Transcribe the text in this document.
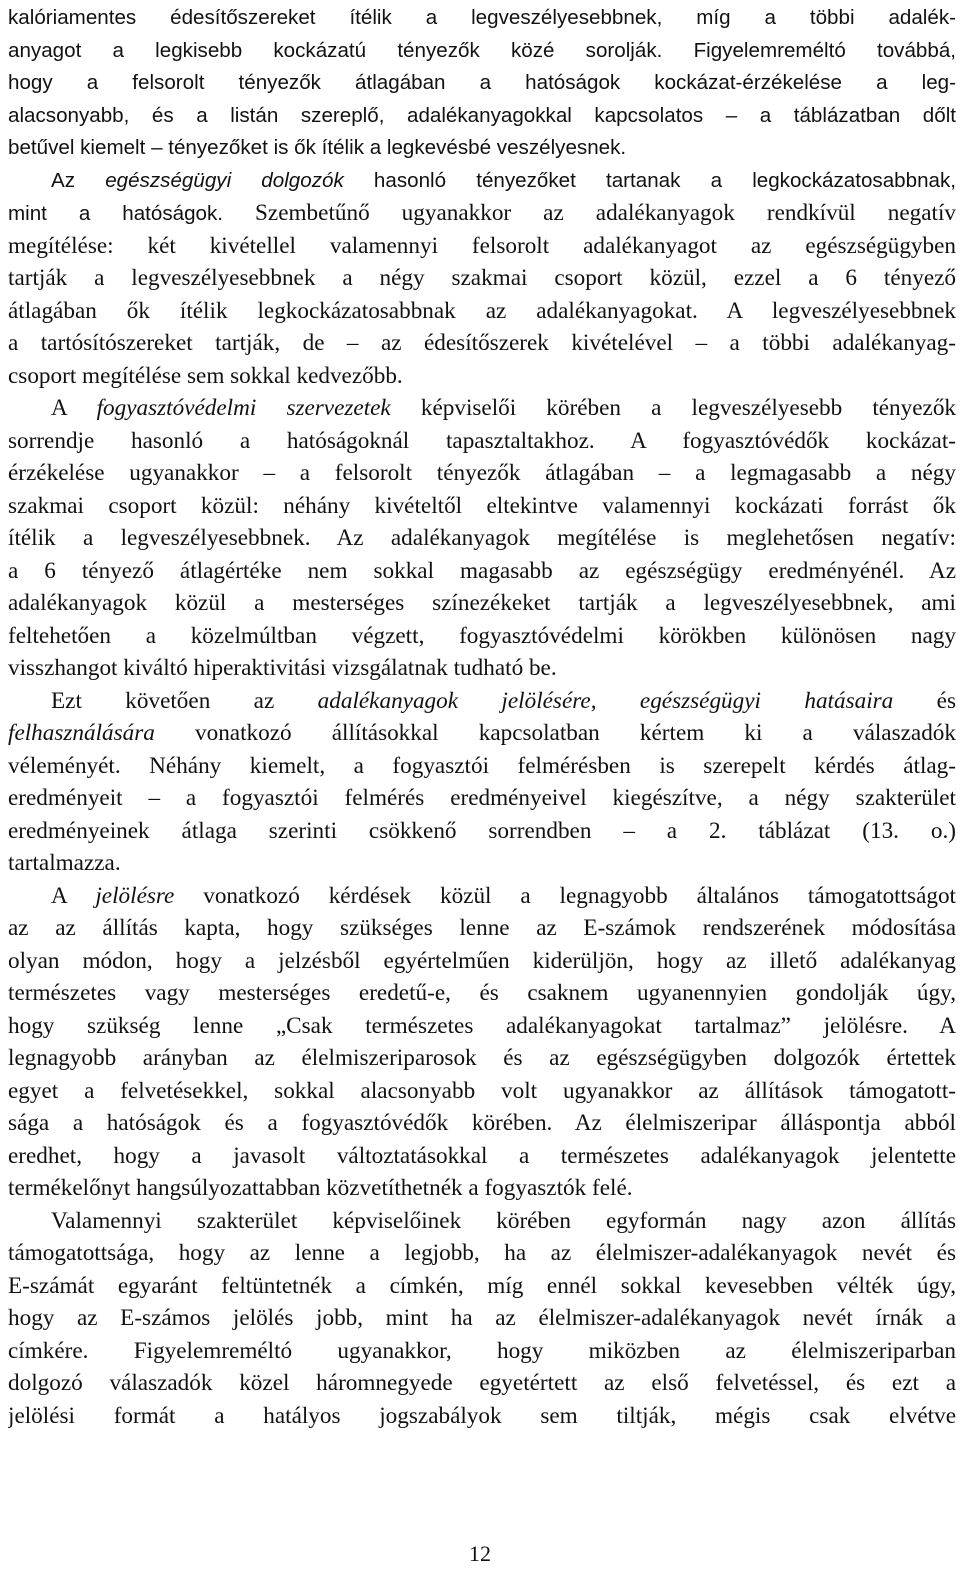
kalóriamentes édesítőszereket ítélik a legveszélyesebbnek, míg a többi adalék-
anyagot a legkisebb kockázatú tényezők közé sorolják. Figyelemreméltó továbbá,
hogy a felsorolt tényezők átlagában a hatóságok kockázat-érzékelése a leg-
alacsonyabb, és a listán szereplő, adalékanyagokkal kapcsolatos – a táblázatban dőlt
betűvel kiemelt – tényezőket is ők ítélik a legkevésbé veszélyesnek.
Az egészségügyi dolgozók hasonló tényezőket tartanak a legkockázatosabbnak,
mint a hatóságok. Szembetűnő ugyanakkor az adalékanyagok rendkívül negatív
megítélése: két kivétellel valamennyi felsorolt adalékanyagot az egészségügyben
tartják a legveszélyesebbnek a négy szakmai csoport közül, ezzel a 6 tényező
átlagában ők ítélik legkockázatosabbnak az adalékanyagokat. A legveszélyesebbnek
a tartósítószereket tartják, de – az édesítőszerek kivételével – a többi adalékanyag-
csoport megítélése sem sokkal kedvezőbb.
A fogyasztóvédelmi szervezetek képviselői körében a legveszélyesebb tényezők
sorrendje hasonló a hatóságoknál tapasztaltakhoz. A fogyasztóvédők kockázat-
érzékelése ugyanakkor – a felsorolt tényezők átlagában – a legmagasabb a négy
szakmai csoport közül: néhány kivételtől eltekintve valamennyi kockázati forrást ők
ítélik a legveszélyesebbnek. Az adalékanyagok megítélése is meglehetősen negatív:
a 6 tényező átlagértéke nem sokkal magasabb az egészségügy eredményénél. Az
adalékanyagok közül a mesterséges színezékeket tartják a legveszélyesebbnek, ami
feltehetően a közelmúltban végzett, fogyasztóvédelmi körökben különösen nagy
visszhangot kiváltó hiperaktivitási vizsgálatnak tudható be.
Ezt követően az adalékanyagok jelölésére, egészségügyi hatásaira és
felhasználására vonatkozó állításokkal kapcsolatban kértem ki a válaszadók
véleményét. Néhány kiemelt, a fogyasztói felmérésben is szerepelt kérdés átlag-
eredményeit – a fogyasztói felmérés eredményeivel kiegészítve, a négy szakterület
eredményeinek átlaga szerinti csökkenő sorrendben – a 2. táblázat (13. o.)
tartalmazza.
A jelölésre vonatkozó kérdések közül a legnagyobb általános támogatottságot
az az állítás kapta, hogy szükséges lenne az E-számok rendszerének módosítása
olyan módon, hogy a jelzésből egyértelműen kiderüljön, hogy az illető adalékanyag
természetes vagy mesterséges eredetű-e, és csaknem ugyanennyien gondolják úgy,
hogy szükség lenne „Csak természetes adalékanyagokat tartalmaz” jelölésre. A
legnagyobb arányban az élelmiszeriparosok és az egészségügyben dolgozók értettek
egyet a felvetésekkel, sokkal alacsonyabb volt ugyanakkor az állítások támogatott-
sága a hatóságok és a fogyasztóvédők körében. Az élelmiszeripar álláspontja abból
eredhet, hogy a javasolt változtatásokkal a természetes adalékanyagok jelentette
termékelőnyt hangsúlyozattabban közvetíthetnék a fogyasztók felé.
Valamennyi szakterület képviselőinek körében egyformán nagy azon állítás
támogatottsága, hogy az lenne a legjobb, ha az élelmiszer-adalékanyagok nevét és
E-számát egyaránt feltüntetnék a címkén, míg ennél sokkal kevesebben vélték úgy,
hogy az E-számos jelölés jobb, mint ha az élelmiszer-adalékanyagok nevét írnák a
címkére. Figyelemreméltó ugyanakkor, hogy miközben az élelmiszeriparban
dolgozó válaszadók közel háromnegyede egyetértett az első felvetéssel, és ezt a
jelölési formát a hatályos jogszabályok sem tiltják, mégis csak elvétve
12
